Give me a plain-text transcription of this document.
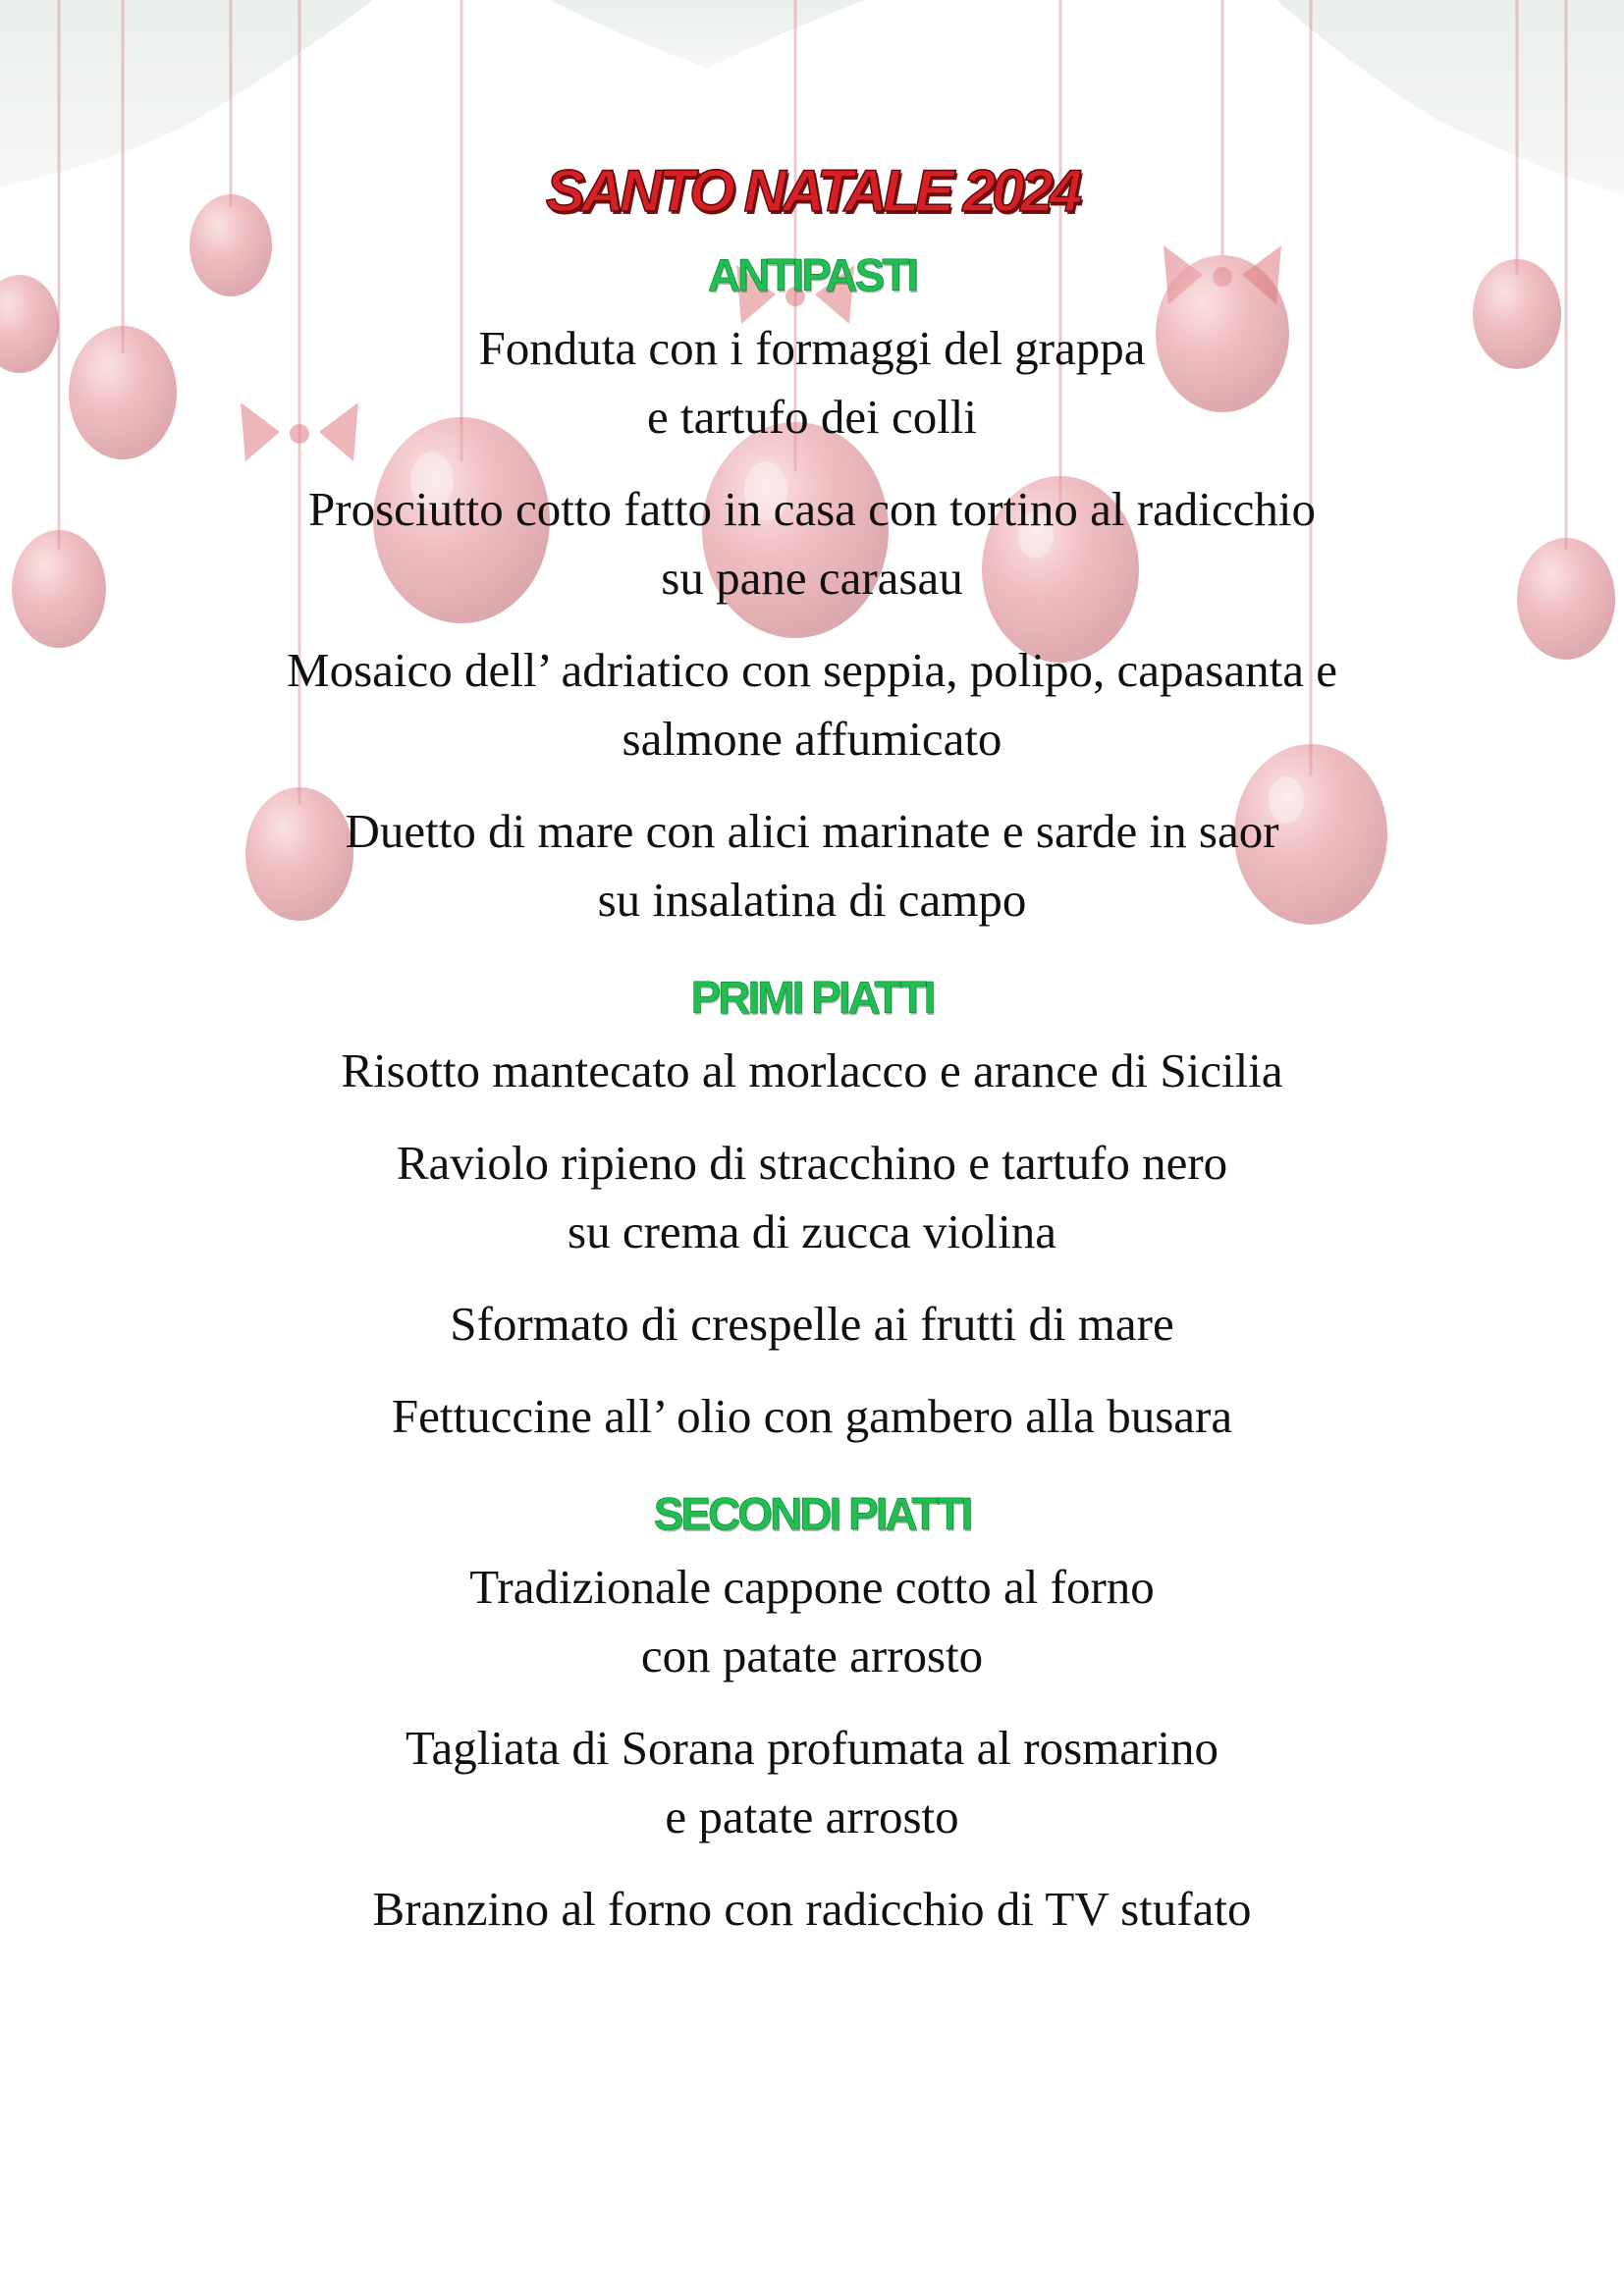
SANTO NATALE 2024
ANTIPASTI

Fonduta con i formaggi del grappa
e tartufo dei colli

Prosciutto cotto fatto in casa con tortino al radicchio
su pane carasau

Mosaico dell’ adriatico con seppia, polipo, capasanta e
salmone affumicato

Duetto di mare con alici marinate e sarde in saor
su insalatina di campo

PRIMI PIATTI

Risotto mantecato al morlacco e arance di Sicilia

Raviolo ripieno di stracchino e tartufo nero
su crema di zucca violina

Sformato di crespelle ai frutti di mare

Fettuccine all’ olio con gambero alla busara

SECONDI PIATTI

Tradizionale cappone cotto al forno
con patate arrosto

Tagliata di Sorana profumata al rosmarino
e patate arrosto

Branzino al forno con radicchio di TV stufato
